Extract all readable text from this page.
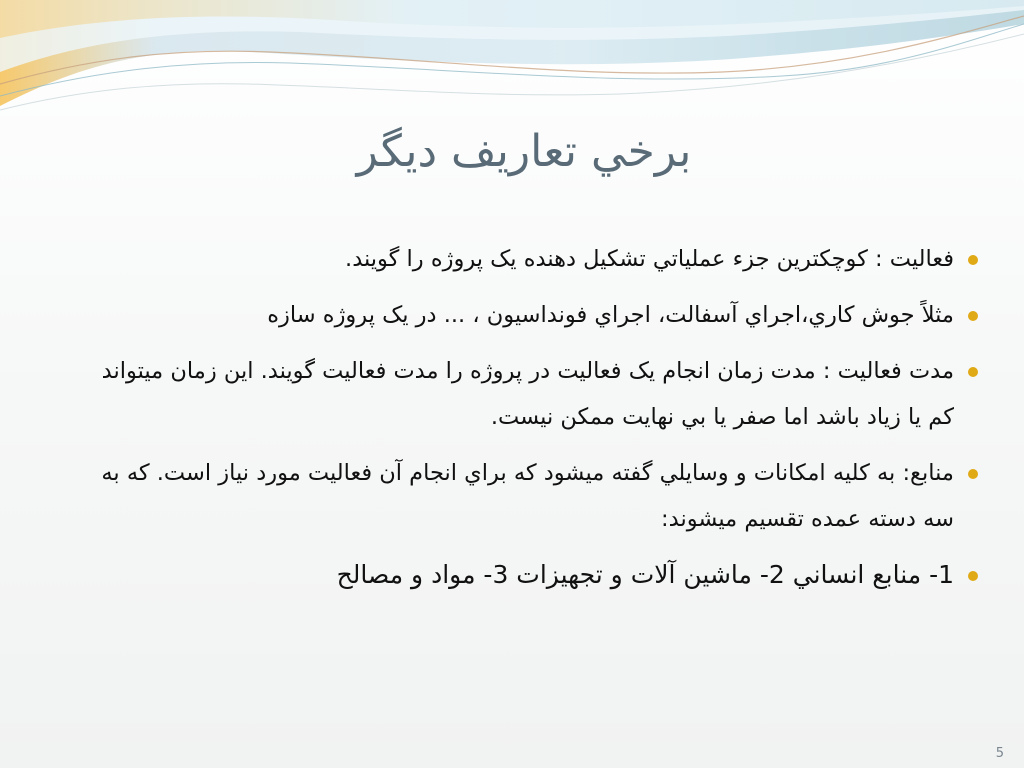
برخي تعاريف ديگر
فعاليت : کوچکترين جزء عملياتي تشکيل دهنده يک پروژه را گويند.
مثلاً جوش کاري،اجراي آسفالت، اجراي فونداسيون ، ... در يک پروژه سازه
مدت فعاليت : مدت زمان انجام يک فعاليت در پروژه را مدت فعاليت گويند. اين زمان ميتواند کم يا زياد باشد اما صفر يا بي نهايت ممکن نيست.
منابع: به کليه امکانات و وسايلي گفته ميشود که براي انجام آن فعاليت مورد نياز است. که به سه دسته عمده تقسيم ميشوند:
1- منابع انساني 2- ماشين آلات و تجهيزات 3- مواد و مصالح
5
